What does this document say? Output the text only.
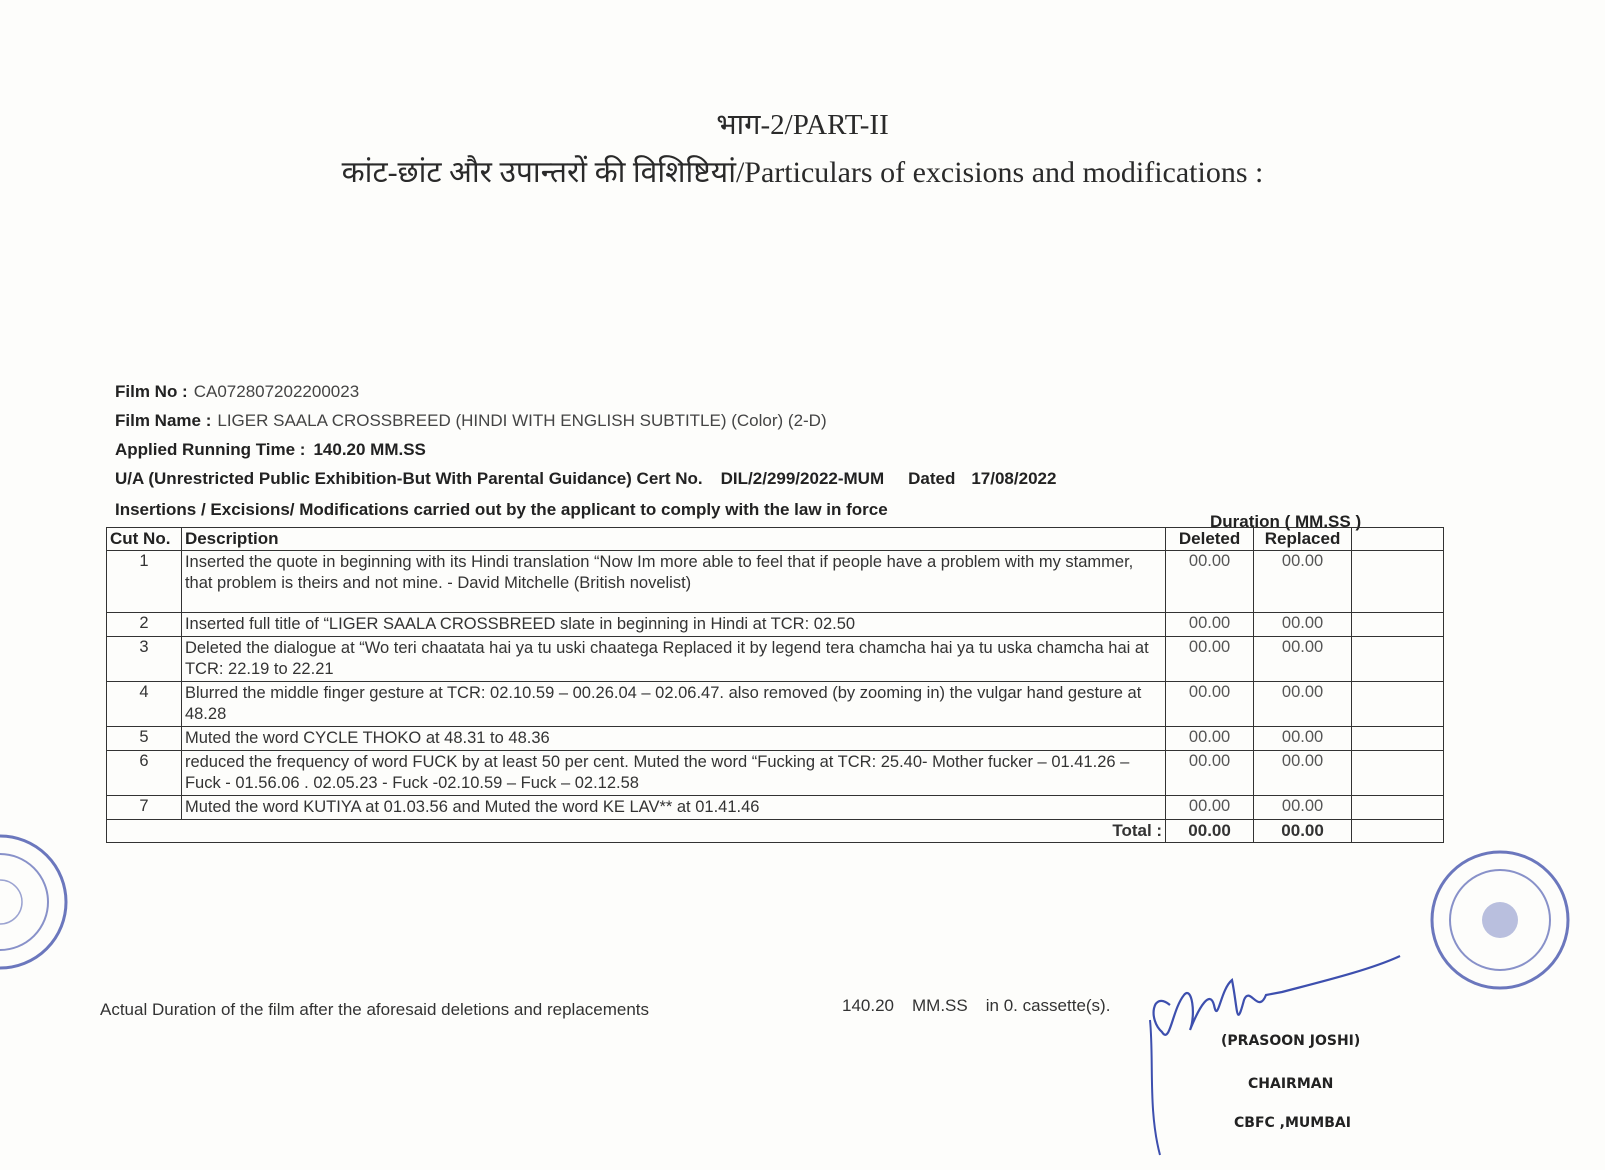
भाग-2/PART-II
कांट-छांट और उपान्तरों की विशिष्टियां/Particulars of excisions and modifications :
Film No : CA072807202200023
Film Name : LIGER SAALA CROSSBREED (HINDI WITH ENGLISH SUBTITLE) (Color) (2-D)
Applied Running Time : 140.20 MM.SS
U/A (Unrestricted Public Exhibition-But With Parental Guidance) Cert No. DIL/2/299/2022-MUM Dated 17/08/2022
Insertions / Excisions/ Modifications carried out by the applicant to comply with the law in force
Duration ( MM.SS )
Cut No.	Description	Deleted	Replaced	
1	Inserted the quote in beginning with its Hindi translation “Now Im more able to feel that if people have a problem with my stammer, that problem is theirs and not mine. - David Mitchelle (British novelist)	00.00	00.00	
2	Inserted full title of “LIGER SAALA CROSSBREED slate in beginning in Hindi at TCR: 02.50	00.00	00.00	
3	Deleted the dialogue at “Wo teri chaatata hai ya tu uski chaatega Replaced it by legend tera chamcha hai ya tu uska chamcha hai at TCR: 22.19 to 22.21	00.00	00.00	
4	Blurred the middle finger gesture at TCR: 02.10.59 – 00.26.04 – 02.06.47. also removed (by zooming in) the vulgar hand gesture at 48.28	00.00	00.00	
5	Muted the word CYCLE THOKO at 48.31 to 48.36	00.00	00.00	
6	reduced the frequency of word FUCK by at least 50 per cent. Muted the word “Fucking at TCR: 25.40- Mother fucker – 01.41.26 – Fuck - 01.56.06 . 02.05.23 - Fuck -02.10.59 – Fuck – 02.12.58	00.00	00.00	
7	Muted the word KUTIYA at 01.03.56 and Muted the word KE LAV** at 01.41.46	00.00	00.00	
Total :		00.00	00.00	
Actual Duration of the film after the aforesaid deletions and replacements	140.20 MM.SS in 0. cassette(s).
(PRASOON JOSHI)
CHAIRMAN
CBFC ,MUMBAI
